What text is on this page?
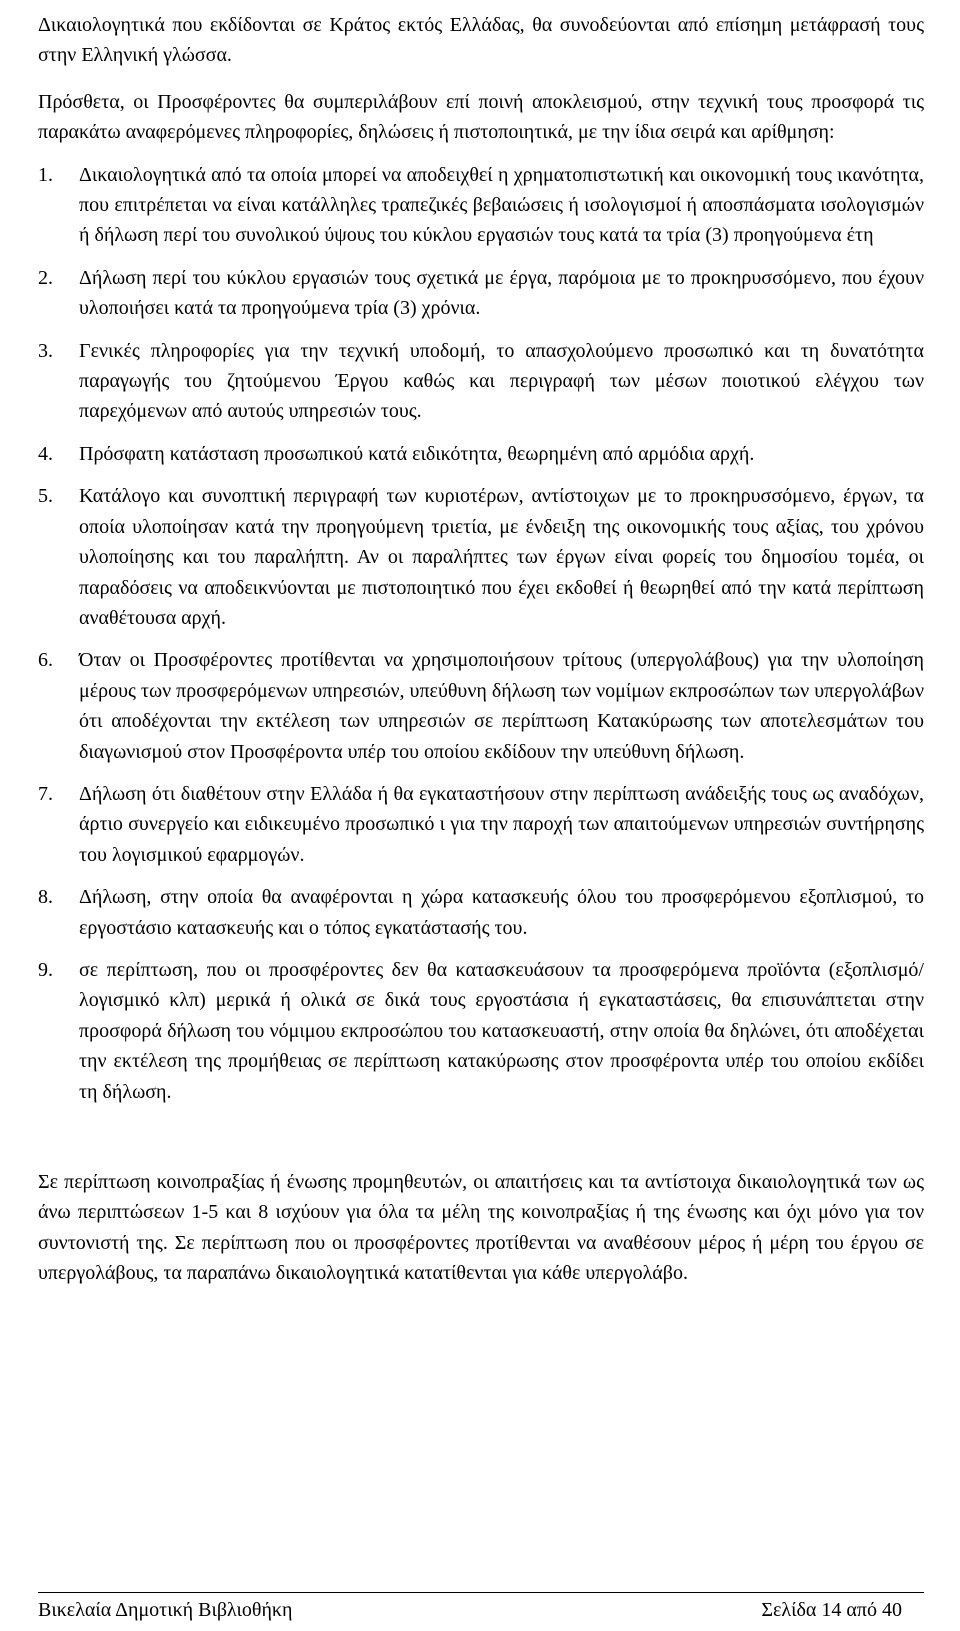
Δικαιολογητικά που εκδίδονται σε Κράτος εκτός Ελλάδας, θα συνοδεύονται από επίσημη μετάφρασή τους στην Ελληνική γλώσσα.

Πρόσθετα, οι Προσφέροντες θα συμπεριλάβουν επί ποινή αποκλεισμού, στην τεχνική τους προσφορά τις παρακάτω αναφερόμενες πληροφορίες, δηλώσεις ή πιστοποιητικά, με την ίδια σειρά και αρίθμηση:

1. Δικαιολογητικά από τα οποία μπορεί να αποδειχθεί η χρηματοπιστωτική και οικονομική τους ικανότητα, που επιτρέπεται να είναι κατάλληλες τραπεζικές βεβαιώσεις ή ισολογισμοί ή αποσπάσματα ισολογισμών ή δήλωση περί του συνολικού ύψους του κύκλου εργασιών τους κατά τα τρία (3) προηγούμενα έτη
2. Δήλωση περί του κύκλου εργασιών τους σχετικά με έργα, παρόμοια με το προκηρυσσόμενο, που έχουν υλοποιήσει κατά τα προηγούμενα τρία (3) χρόνια.
3. Γενικές πληροφορίες για την τεχνική υποδομή, το απασχολούμενο προσωπικό και τη δυνατότητα παραγωγής του ζητούμενου Έργου καθώς και περιγραφή των μέσων ποιοτικού ελέγχου των παρεχόμενων από αυτούς υπηρεσιών τους.
4. Πρόσφατη κατάσταση προσωπικού κατά ειδικότητα, θεωρημένη από αρμόδια αρχή.
5. Κατάλογο και συνοπτική περιγραφή των κυριοτέρων, αντίστοιχων με το προκηρυσσόμενο, έργων, τα οποία υλοποίησαν κατά την προηγούμενη τριετία, με ένδειξη της οικονομικής τους αξίας, του χρόνου υλοποίησης και του παραλήπτη. Αν οι παραλήπτες των έργων είναι φορείς του δημοσίου τομέα, οι παραδόσεις να αποδεικνύονται με πιστοποιητικό που έχει εκδοθεί ή θεωρηθεί από την κατά περίπτωση αναθέτουσα αρχή.
6. Όταν οι Προσφέροντες προτίθενται να χρησιμοποιήσουν τρίτους (υπεργολάβους) για την υλοποίηση μέρους των προσφερόμενων υπηρεσιών, υπεύθυνη δήλωση των νομίμων εκπροσώπων των υπεργολάβων ότι αποδέχονται την εκτέλεση των υπηρεσιών σε περίπτωση Κατακύρωσης των αποτελεσμάτων του διαγωνισμού στον Προσφέροντα υπέρ του οποίου εκδίδουν την υπεύθυνη δήλωση.
7. Δήλωση ότι διαθέτουν στην Ελλάδα ή θα εγκαταστήσουν στην περίπτωση ανάδειξής τους ως αναδόχων, άρτιο συνεργείο και ειδικευμένο προσωπικό ι για την παροχή των απαιτούμενων υπηρεσιών συντήρησης του λογισμικού εφαρμογών.
8. Δήλωση, στην οποία θα αναφέρονται η χώρα κατασκευής όλου του προσφερόμενου εξοπλισμού, το εργοστάσιο κατασκευής και ο τόπος εγκατάστασής του.
9. σε περίπτωση, που οι προσφέροντες δεν θα κατασκευάσουν τα προσφερόμενα προϊόντα (εξοπλισμό/ λογισμικό κλπ) μερικά ή ολικά σε δικά τους εργοστάσια ή εγκαταστάσεις, θα επισυνάπτεται στην προσφορά δήλωση του νόμιμου εκπροσώπου του κατασκευαστή, στην οποία θα δηλώνει, ότι αποδέχεται την εκτέλεση της προμήθειας σε περίπτωση κατακύρωσης στον προσφέροντα υπέρ του οποίου εκδίδει τη δήλωση.

Σε περίπτωση κοινοπραξίας ή ένωσης προμηθευτών, οι απαιτήσεις και τα αντίστοιχα δικαιολογητικά των ως άνω περιπτώσεων 1-5 και 8 ισχύουν για όλα τα μέλη της κοινοπραξίας ή της ένωσης και όχι μόνο για τον συντονιστή της. Σε περίπτωση που οι προσφέροντες προτίθενται να αναθέσουν μέρος ή μέρη του έργου σε υπεργολάβους, τα παραπάνω δικαιολογητικά κατατίθενται για κάθε υπεργολάβο.

Βικελαία Δημοτική Βιβλιοθήκη	Σελίδα 14 από 40
